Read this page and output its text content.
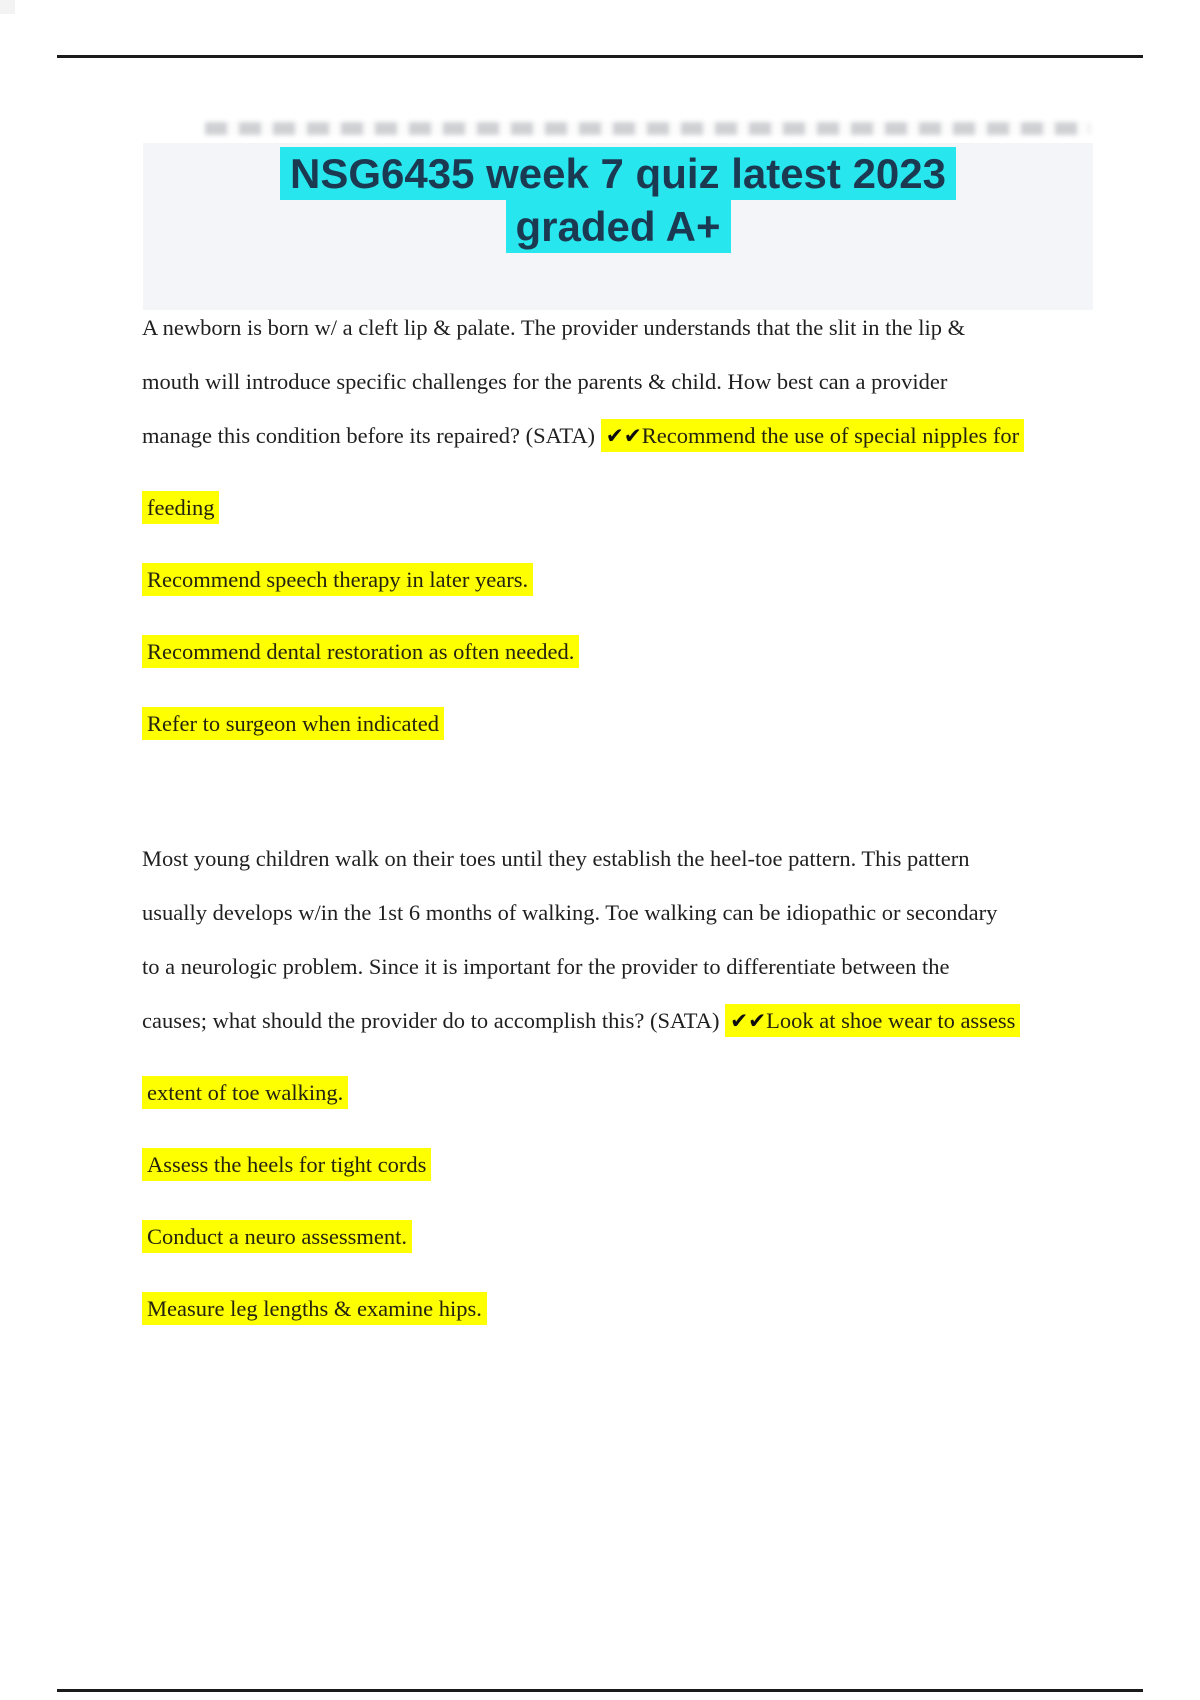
NSG6435 week 7 quiz latest 2023
graded A+
A newborn is born w/ a cleft lip & palate. The provider understands that the slit in the lip &
mouth will introduce specific challenges for the parents & child. How best can a provider
manage this condition before its repaired? (SATA) ✔✔Recommend the use of special nipples for
feeding
Recommend speech therapy in later years.
Recommend dental restoration as often needed.
Refer to surgeon when indicated
Most young children walk on their toes until they establish the heel-toe pattern. This pattern
usually develops w/in the 1st 6 months of walking. Toe walking can be idiopathic or secondary
to a neurologic problem. Since it is important for the provider to differentiate between the
causes; what should the provider do to accomplish this? (SATA) ✔✔Look at shoe wear to assess
extent of toe walking.
Assess the heels for tight cords
Conduct a neuro assessment.
Measure leg lengths & examine hips.
